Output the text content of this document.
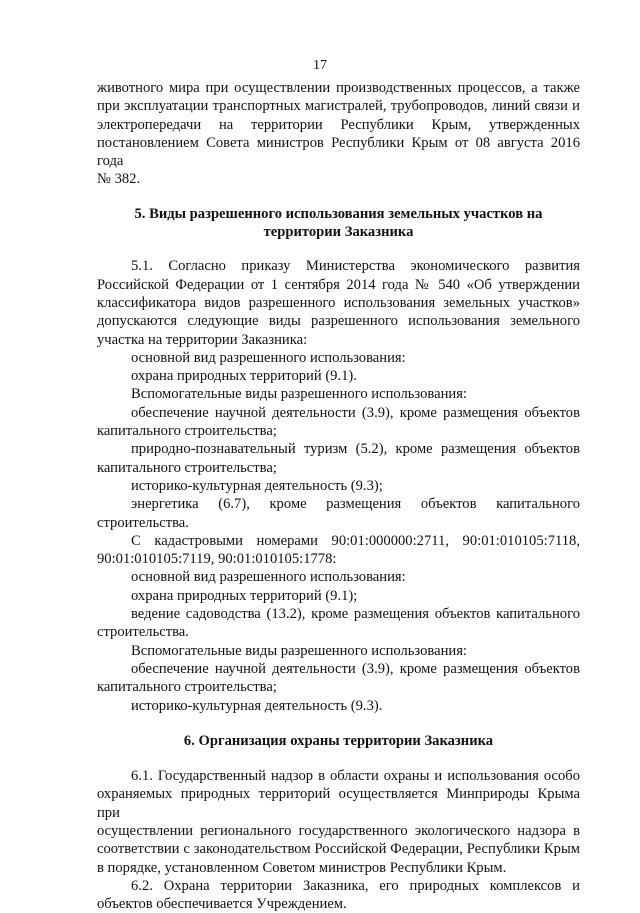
17

животного мира при осуществлении производственных процессов, а также

при эксплуатации транспортных магистралей, трубопроводов, линий связи и

электропередачи на территории Республики Крым, утвержденных

постановлением Совета министров Республики Крым от 08 августа 2016 года

№ 382.

5. Виды разрешенного использования земельных участков на

территории Заказника

5.1. Согласно приказу Министерства экономического развития

Российской Федерации от 1 сентября 2014 года № 540 «Об утверждении

классификатора видов разрешенного использования земельных участков»

допускаются следующие виды разрешенного использования земельного

участка на территории Заказника:

основной вид разрешенного использования:

охрана природных территорий (9.1).

Вспомогательные виды разрешенного использования:

обеспечение научной деятельности (3.9), кроме размещения объектов

капитального строительства;

природно-познавательный туризм (5.2), кроме размещения объектов

капитального строительства;

историко-культурная деятельность (9.3);

энергетика (6.7), кроме размещения объектов капитального

строительства.

С кадастровыми номерами 90:01:000000:2711, 90:01:010105:7118,

90:01:010105:7119, 90:01:010105:1778:

основной вид разрешенного использования:

охрана природных территорий (9.1);

ведение садоводства (13.2), кроме размещения объектов капитального

строительства.

Вспомогательные виды разрешенного использования:

обеспечение научной деятельности (3.9), кроме размещения объектов

капитального строительства;

историко-культурная деятельность (9.3).

6. Организация охраны территории Заказника

6.1. Государственный надзор в области охраны и использования особо

охраняемых природных территорий осуществляется Минприроды Крыма при

осуществлении регионального государственного экологического надзора в

соответствии с законодательством Российской Федерации, Республики Крым

в порядке, установленном Советом министров Республики Крым.

6.2. Охрана территории Заказника, его природных комплексов и

объектов обеспечивается Учреждением.
